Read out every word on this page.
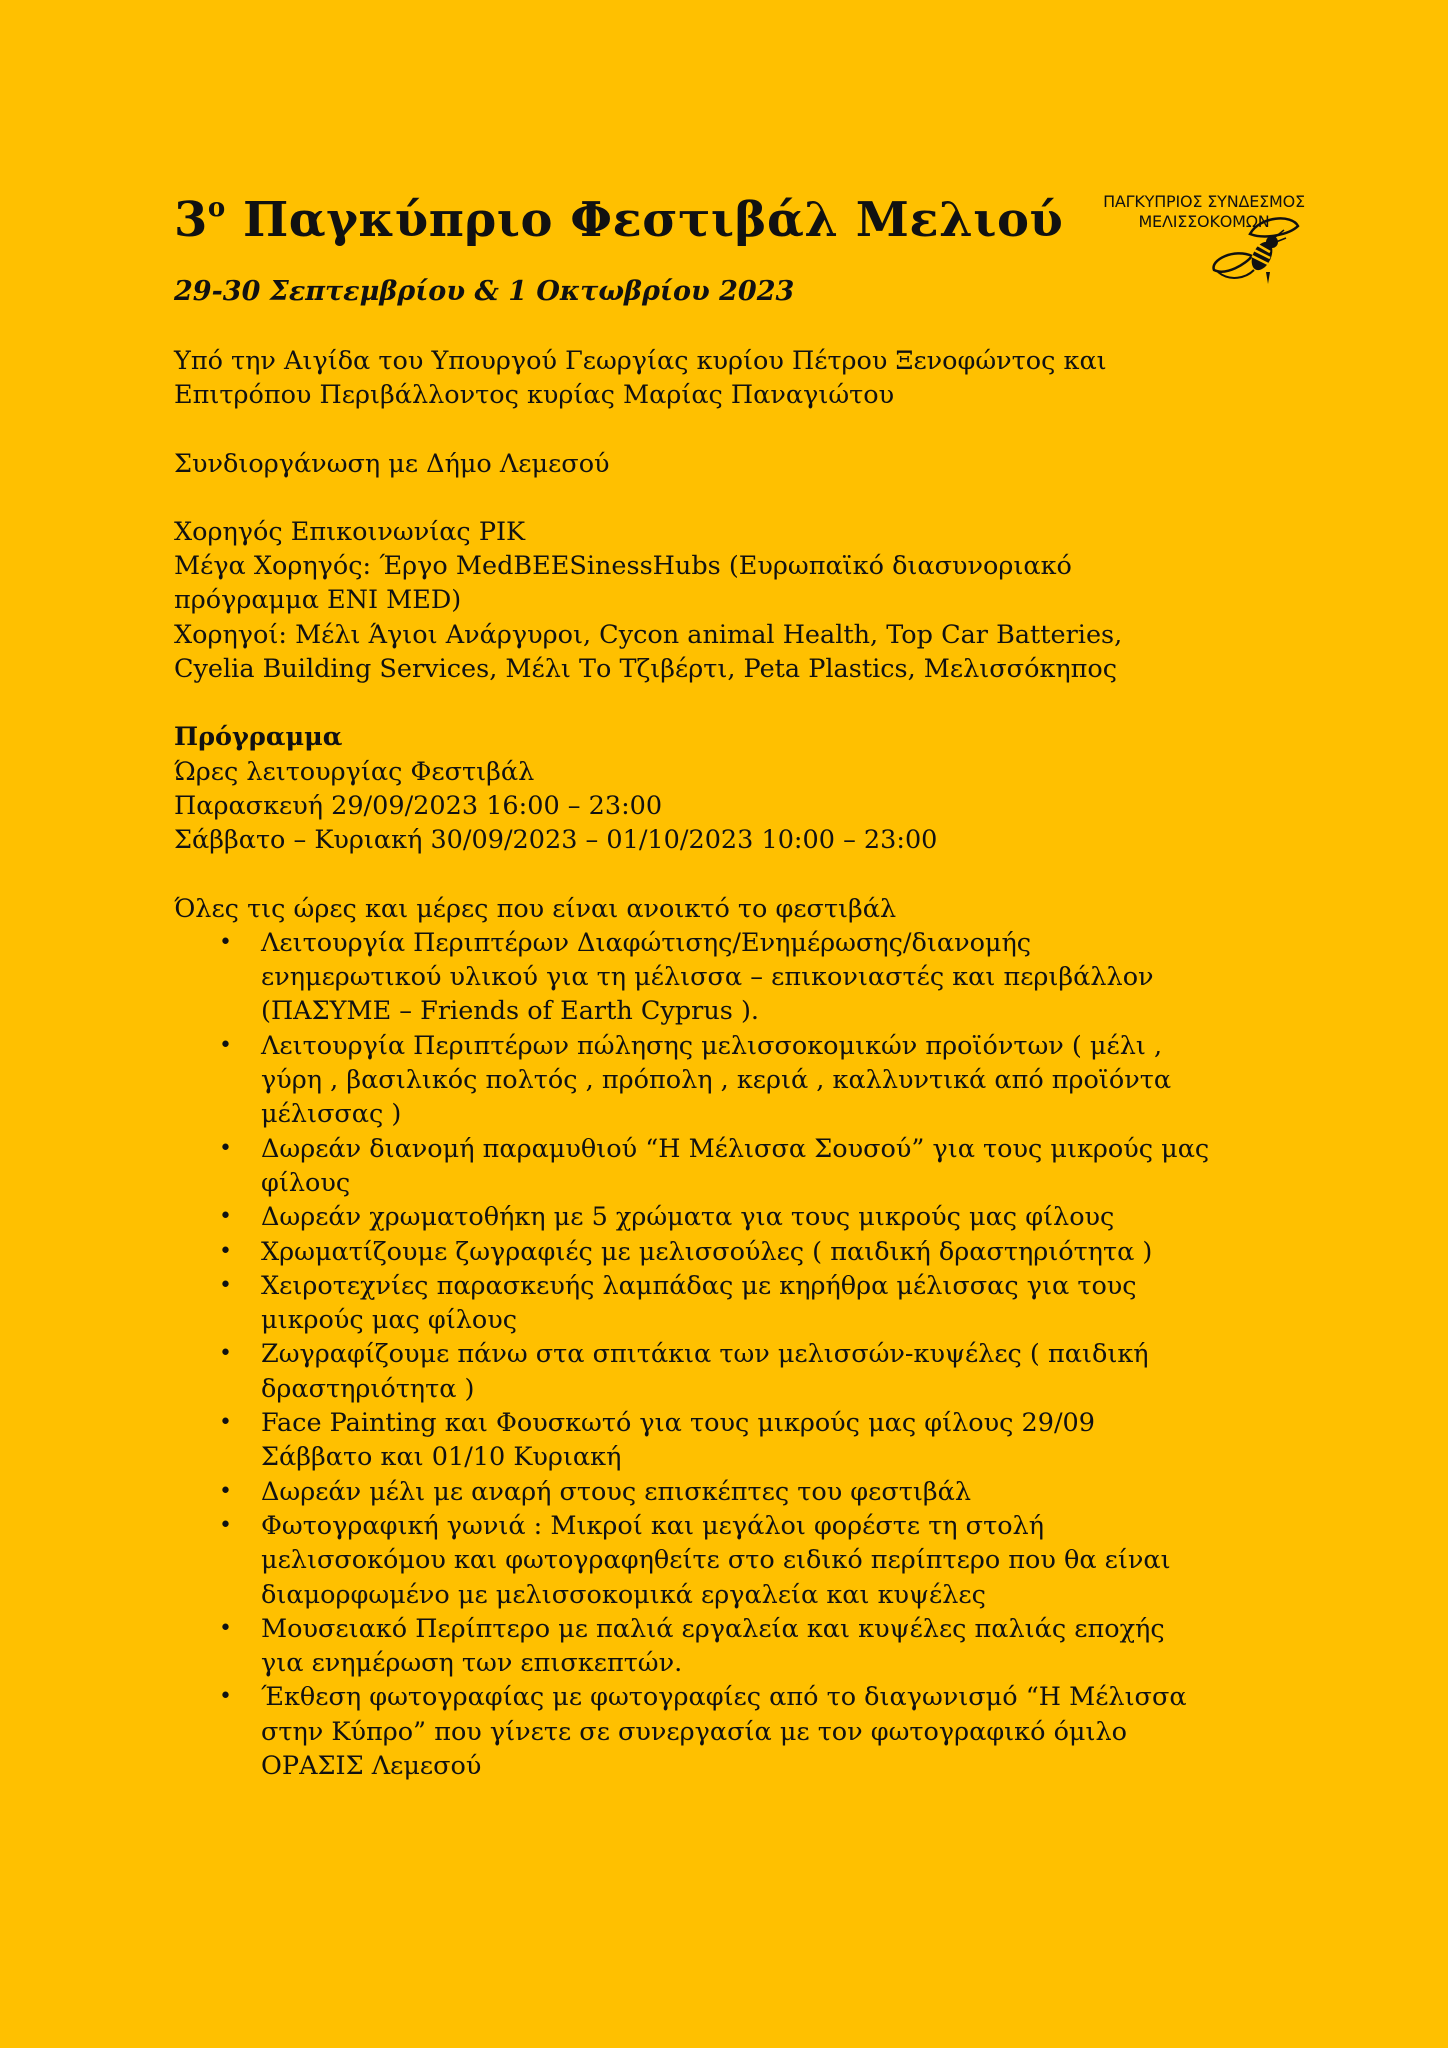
ΠΑΓΚΥΠΡΙΟΣ ΣΥΝΔΕΣΜΟΣ
ΜΕΛΙΣΣΟΚΟΜΩΝ
$3^o$ Παγκύπριο Φεστιβάλ Μελιού
29-30 Σεπτεμβρίου & 1 Οκτωβρίου 2023

Υπό την Αιγίδα του Υπουργού Γεωργίας κυρίου Πέτρου Ξενοφώντος και

Επιτρόπου Περιβάλλοντος κυρίας Μαρίας Παναγιώτου

Συνδιοργάνωση με Δήμο Λεμεσού

Χορηγός Επικοινωνίας ΡΙΚ

Μέγα Χορηγός: Έργο MedBEESinessHubs (Ευρωπαϊκό διασυνοριακό

πρόγραμμα ENI MED)

Χορηγοί: Μέλι Άγιοι Ανάργυροι, Cycon animal Health, Top Car Batteries,

Cyelia Building Services, Μέλι Το Τζιβέρτι, Peta Plastics, Μελισσόκηπος

Πρόγραμμα

Ώρες λειτουργίας Φεστιβάλ

Παρασκευή 29/09/2023 16:00 – 23:00

Σάββατο – Κυριακή 30/09/2023 – 01/10/2023 10:00 – 23:00

Όλες τις ώρες και μέρες που είναι ανοικτό το φεστιβάλ

• Λειτουργία Περιπτέρων Διαφώτισης/Ενημέρωσης/διανομής
ενημερωτικού υλικού για τη μέλισσα – επικονιαστές και περιβάλλον
(ΠΑΣΥΜΕ – Friends of Earth Cyprus ).
• Λειτουργία Περιπτέρων πώλησης μελισσοκομικών προϊόντων ( μέλι ,
γύρη , βασιλικός πολτός , πρόπολη , κεριά , καλλυντικά από προϊόντα
μέλισσας )
• Δωρεάν διανομή παραμυθιού “Η Μέλισσα Σουσού” για τους μικρούς μας
φίλους
• Δωρεάν χρωματοθήκη με 5 χρώματα για τους μικρούς μας φίλους
• Χρωματίζουμε ζωγραφιές με μελισσούλες ( παιδική δραστηριότητα )
• Χειροτεχνίες παρασκευής λαμπάδας με κηρήθρα μέλισσας για τους
μικρούς μας φίλους
• Ζωγραφίζουμε πάνω στα σπιτάκια των μελισσών-κυψέλες ( παιδική
δραστηριότητα )
• Face Painting και Φουσκωτό για τους μικρούς μας φίλους 29/09
Σάββατο και 01/10 Κυριακή
• Δωρεάν μέλι με αναρή στους επισκέπτες του φεστιβάλ
• Φωτογραφική γωνιά : Μικροί και μεγάλοι φορέστε τη στολή
μελισσοκόμου και φωτογραφηθείτε στο ειδικό περίπτερο που θα είναι
διαμορφωμένο με μελισσοκομικά εργαλεία και κυψέλες
• Μουσειακό Περίπτερο με παλιά εργαλεία και κυψέλες παλιάς εποχής
για ενημέρωση των επισκεπτών.
• Έκθεση φωτογραφίας με φωτογραφίες από το διαγωνισμό “Η Μέλισσα
στην Κύπρο” που γίνετε σε συνεργασία με τον φωτογραφικό όμιλο
ΟΡΑΣΙΣ Λεμεσού
